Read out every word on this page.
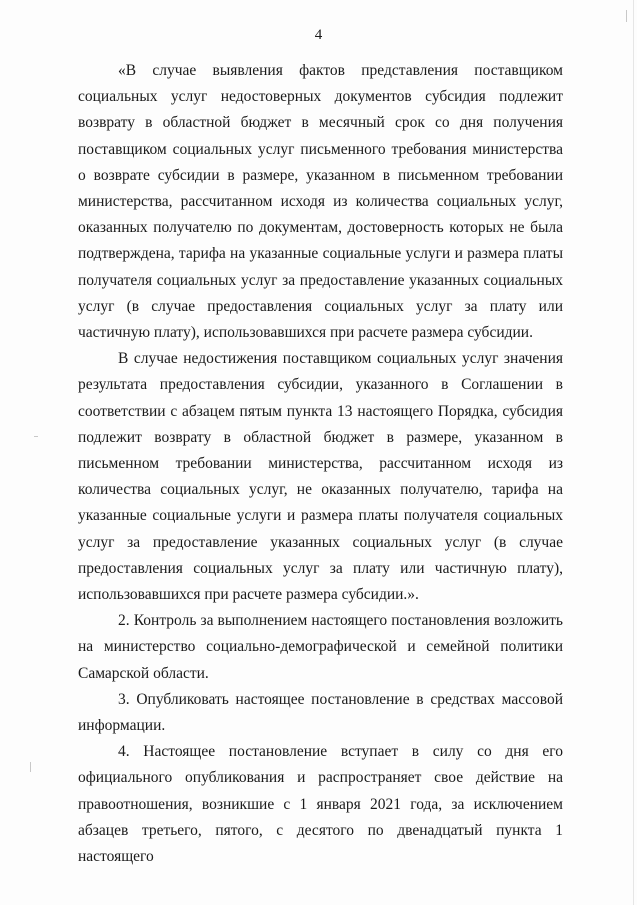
4

«В случае выявления фактов представления поставщиком социальных услуг недостоверных документов субсидия подлежит возврату в областной бюджет в месячный срок со дня получения поставщиком социальных услуг письменного требования министерства о возврате субсидии в размере, указанном в письменном требовании министерства, рассчитанном исходя из количества социальных услуг, оказанных получателю по документам, достоверность которых не была подтверждена, тарифа на указанные социальные услуги и размера платы получателя социальных услуг за предоставление указанных социальных услуг (в случае предоставления социальных услуг за плату или частичную плату), использовавшихся при расчете размера субсидии.

В случае недостижения поставщиком социальных услуг значения результата предоставления субсидии, указанного в Соглашении в соответствии с абзацем пятым пункта 13 настоящего Порядка, субсидия подлежит возврату в областной бюджет в размере, указанном в письменном требовании министерства, рассчитанном исходя из количества социальных услуг, не оказанных получателю, тарифа на указанные социальные услуги и размера платы получателя социальных услуг за предоставление указанных социальных услуг (в случае предоставления социальных услуг за плату или частичную плату), использовавшихся при расчете размера субсидии.».

2. Контроль за выполнением настоящего постановления возложить на министерство социально-демографической и семейной политики Самарской области.

3. Опубликовать настоящее постановление в средствах массовой информации.

4. Настоящее постановление вступает в силу со дня его официального опубликования и распространяет свое действие на правоотношения, возникшие с 1 января 2021 года, за исключением абзацев третьего, пятого, с десятого по двенадцатый пункта 1 настоящего
